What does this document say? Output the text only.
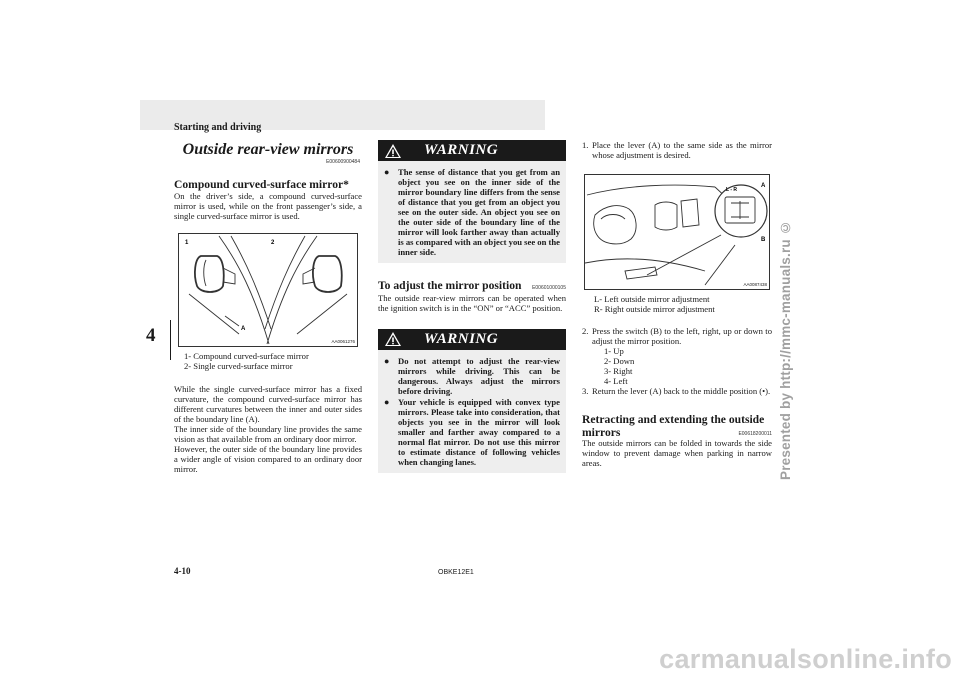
Starting and driving
4
Outside rear-view mirrors
E00600900484
Compound curved-surface mirror*

On the driver’s side, a compound curved-surface mirror is used, while on the front passenger’s side, a single curved-surface mirror is used.

1	2
A
AA0061276
1- Compound curved-surface mirror
2- Single curved-surface mirror

While the single curved-surface mirror has a fixed curvature, the compound curved-surface mirror has different curvatures between the inner and outer sides of the boundary line (A).

The inner side of the boundary line provides the same vision as that available from an ordinary door mirror.

However, the outer side of the boundary line provides a wider angle of vision compared to an ordinary door mirror.

WARNING
● The sense of distance that you get from an object you see on the inner side of the mirror boundary line differs from the sense of distance that you get from an object you see on the outer side. An object you see on the outer side of the boundary line of the mirror will look farther away than actually is as compared with an object you see on the inner side.

To adjust the mirror position E00601000105

The outside rear-view mirrors can be operated when the ignition switch is in the “ON” or “ACC” position.

WARNING
● Do not attempt to adjust the rear-view mirrors while driving. This can be dangerous. Always adjust the mirrors before driving.

● Your vehicle is equipped with convex type mirrors. Please take into consideration, that objects you see in the mirror will look smaller and farther away compared to a normal flat mirror. Do not use this mirror to estimate distance of following vehicles when changing lanes.

1. Place the lever (A) to the same side as the mirror whose adjustment is desired.

L - R
A
B
AA0087438
L- Left outside mirror adjustment
R- Right outside mirror adjustment
2. Press the switch (B) to the left, right, up or down to adjust the mirror position.

1- Up
2- Down
3- Right
4- Left
3. Return the lever (A) back to the middle position (•).

Retracting and extending the outside mirrors	E00618200011

The outside mirrors can be folded in towards the side window to prevent damage when parking in narrow areas.

4-10	OBKE12E1
Presented by http://mmc-manuals.ru ©
carmanualsonline.info
